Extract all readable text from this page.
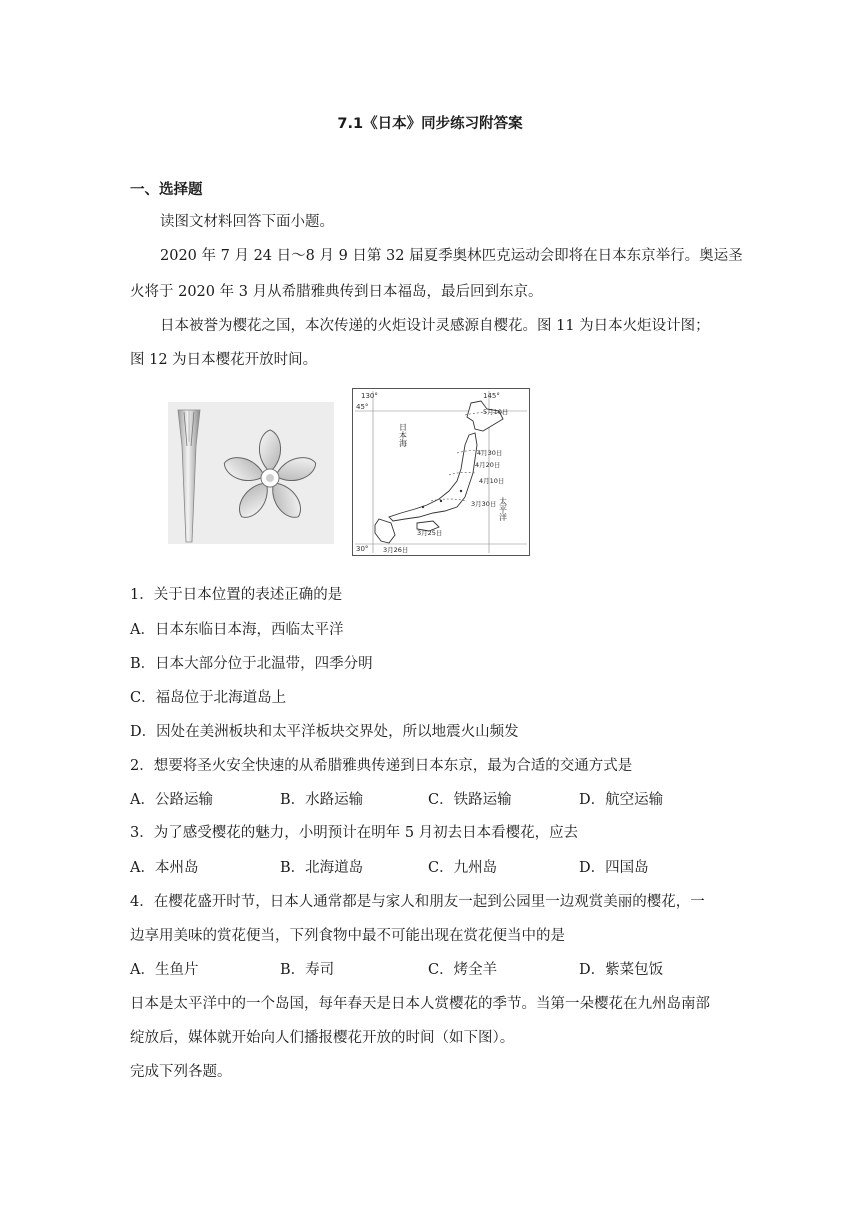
7.1《日本》同步练习附答案
一、选择题
读图文材料回答下面小题。
2020 年 7 月 24 日～8 月 9 日第 32 届夏季奥林匹克运动会即将在日本东京举行。奥运圣
火将于 2020 年 3 月从希腊雅典传到日本福岛，最后回到东京。
日本被誉为樱花之国，本次传递的火炬设计灵感源自樱花。图 11 为日本火炬设计图；
图 12 为日本樱花开放时间。
130°	145°
45°
30°
5月10日
4月30日
4月20日
4月10日
3月30日
3月25日
3月26日
日本海
太平洋
1．关于日本位置的表述正确的是
A．日本东临日本海，西临太平洋
B．日本大部分位于北温带，四季分明
C．福岛位于北海道岛上
D．因处在美洲板块和太平洋板块交界处，所以地震火山频发
2．想要将圣火安全快速的从希腊雅典传递到日本东京，最为合适的交通方式是
A．公路运输	B．水路运输	C．铁路运输	D．航空运输
3．为了感受樱花的魅力，小明预计在明年 5 月初去日本看樱花，应去
A．本州岛	B．北海道岛	C．九州岛	D．四国岛
4．在樱花盛开时节，日本人通常都是与家人和朋友一起到公园里一边观赏美丽的樱花，一
边享用美味的赏花便当，下列食物中最不可能出现在赏花便当中的是
A．生鱼片	B．寿司	C．烤全羊	D．紫菜包饭
日本是太平洋中的一个岛国，每年春天是日本人赏樱花的季节。当第一朵樱花在九州岛南部
绽放后，媒体就开始向人们播报樱花开放的时间（如下图）。
完成下列各题。
